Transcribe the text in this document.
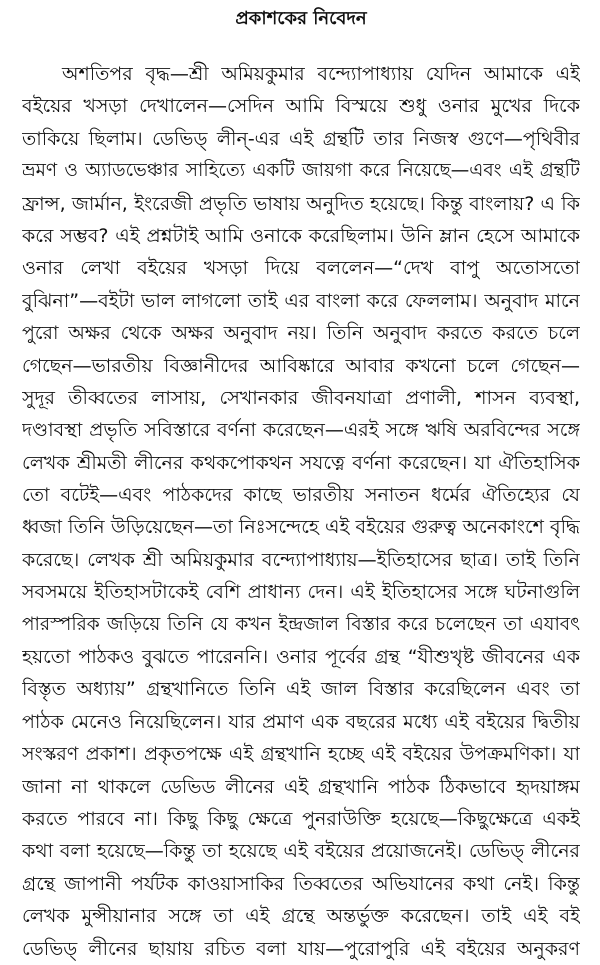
প্রকাশকের নিবেদন
অশতিপর বৃদ্ধ—শ্রী অমিয়কুমার বন্দ্যোপাধ্যায় যেদিন আমাকে এই
বইয়ের খসড়া দেখালেন—সেদিন আমি বিস্ময়ে শুধু ওনার মুখের দিকে
তাকিয়ে ছিলাম। ডেভিড্‌ লীন্‌-এর এই গ্রন্থটি তার নিজস্ব গুণে—পৃথিবীর
ভ্রমণ ও অ্যাডভেঞ্চার সাহিত্যে একটি জায়গা করে নিয়েছে—এবং এই গ্রন্থটি
ফ্রান্স, জার্মান, ইংরেজী প্রভৃতি ভাষায় অনুদিত হয়েছে। কিন্তু বাংলায়? এ কি
করে সম্ভব? এই প্রশ্নটাই আমি ওনাকে করেছিলাম। উনি ম্লান হেসে আমাকে
ওনার লেখা বইয়ের খসড়া দিয়ে বললেন—“দেখ বাপু অতোসতো
বুঝিনা”—বইটা ভাল লাগলো তাই এর বাংলা করে ফেললাম। অনুবাদ মানে
পুরো অক্ষর থেকে অক্ষর অনুবাদ নয়। তিনি অনুবাদ করতে করতে চলে
গেছেন—ভারতীয় বিজ্ঞানীদের আবিষ্কারে আবার কখনো চলে গেছেন—
সুদূর তীব্বতের লাসায়, সেখানকার জীবনযাত্রা প্রণালী, শাসন ব্যবস্থা,
দণ্ডাবস্থা প্রভৃতি সবিস্তারে বর্ণনা করেছেন—এরই সঙ্গে ঋষি অরবিন্দের সঙ্গে
লেখক শ্রীমতী লীনের কথকপোকথন সযত্নে বর্ণনা করেছেন। যা ঐতিহাসিক
তো বটেই—এবং পাঠকদের কাছে ভারতীয় সনাতন ধর্মের ঐতিহ্যের যে
ধ্বজা তিনি উড়িয়েছেন—তা নিঃসন্দেহে এই বইয়ের গুরুত্ব অনেকাংশে বৃদ্ধি
করেছে। লেখক শ্রী অমিয়কুমার বন্দ্যোপাধ্যায়—ইতিহাসের ছাত্র। তাই তিনি
সবসময়ে ইতিহাসটাকেই বেশি প্রাধান্য দেন। এই ইতিহাসের সঙ্গে ঘটনাগুলি
পারস্পরিক জড়িয়ে তিনি যে কখন ইন্দ্রজাল বিস্তার করে চলেছেন তা এযাবৎ
হয়তো পাঠকও বুঝতে পারেননি। ওনার পূর্বের গ্রন্থ “যীশুখৃষ্ট জীবনের এক
বিস্তৃত অধ্যায়” গ্রন্থখানিতে তিনি এই জাল বিস্তার করেছিলেন এবং তা
পাঠক মেনেও নিয়েছিলেন। যার প্রমাণ এক বছরের মধ্যে এই বইয়ের দ্বিতীয়
সংস্করণ প্রকাশ। প্রকৃতপক্ষে এই গ্রন্থখানি হচ্ছে এই বইয়ের উপক্রমণিকা। যা
জানা না থাকলে ডেভিড লীনের এই গ্রন্থখানি পাঠক ঠিকভাবে হৃদয়াঙ্গম
করতে পারবে না। কিছু কিছু ক্ষেত্রে পুনরাউক্তি হয়েছে—কিছুক্ষেত্রে একই
কথা বলা হয়েছে—কিন্তু তা হয়েছে এই বইয়ের প্রয়োজনেই। ডেভিড্‌ লীনের
গ্রন্থে জাপানী পর্যটক কাওয়াসাকির তিব্বতের অভিযানের কথা নেই। কিন্তু
লেখক মুন্সীয়ানার সঙ্গে তা এই গ্রন্থে অন্তর্ভুক্ত করেছেন। তাই এই বই
ডেভিড্‌ লীনের ছায়ায় রচিত বলা যায়—পুরোপুরি এই বইয়ের অনুকরণ
